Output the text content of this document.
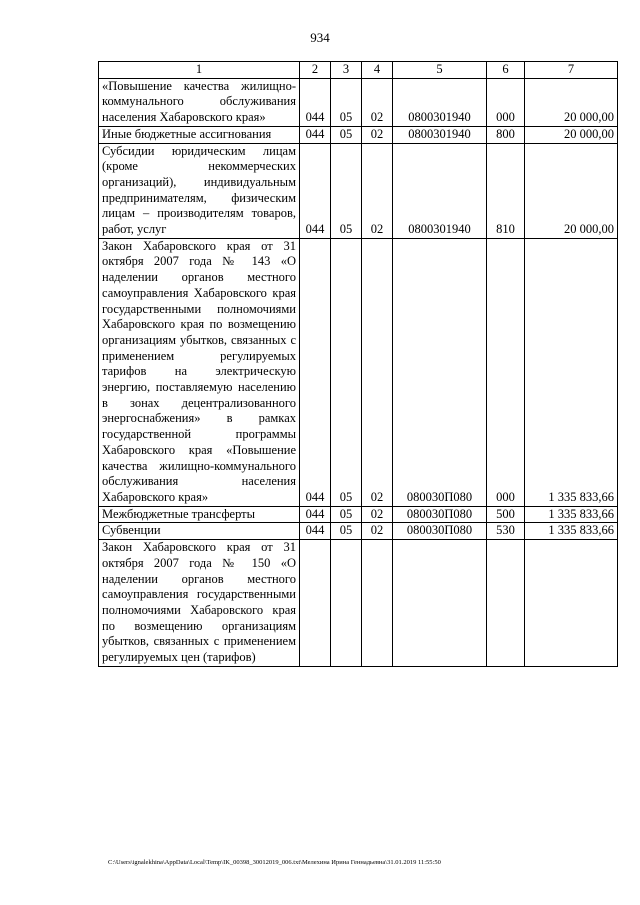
934
1	2	3	4	5	6	7
«Повышение качества жилищно-коммунального обслуживания населения Хабаровского края»	044	05	02	0800301940	000	20 000,00
Иные бюджетные ассигнования	044	05	02	0800301940	800	20 000,00
Субсидии юридическим лицам (кроме некоммерческих организаций), индивидуальным предпринимателям, физическим лицам – производителям товаров, работ, услуг	044	05	02	0800301940	810	20 000,00
Закон Хабаровского края от 31 октября 2007 года № 143 «О наделении органов местного самоуправления Хабаровского края государственными полномочиями Хабаровского края по возмещению организациям убытков, связанных с применением регулируемых тарифов на электрическую энергию, поставляемую населению в зонах децентрализованного энергоснабжения» в рамках государственной программы Хабаровского края «Повышение качества жилищно-коммунального обслуживания населения Хабаровского края»	044	05	02	080030П080	000	1 335 833,66
Межбюджетные трансферты	044	05	02	080030П080	500	1 335 833,66
Субвенции	044	05	02	080030П080	530	1 335 833,66
Закон Хабаровского края от 31 октября 2007 года № 150 «О наделении органов местного самоуправления государственными полномочиями Хабаровского края по возмещению организациям убытков, связанных с применением регулируемых цен (тарифов)						
C:\Users\ignalekhina\AppData\Local\Temp\IK_00398_30012019_006.txt\Мелехина Ирина Геннадьевна\31.01.2019 11:55:50
